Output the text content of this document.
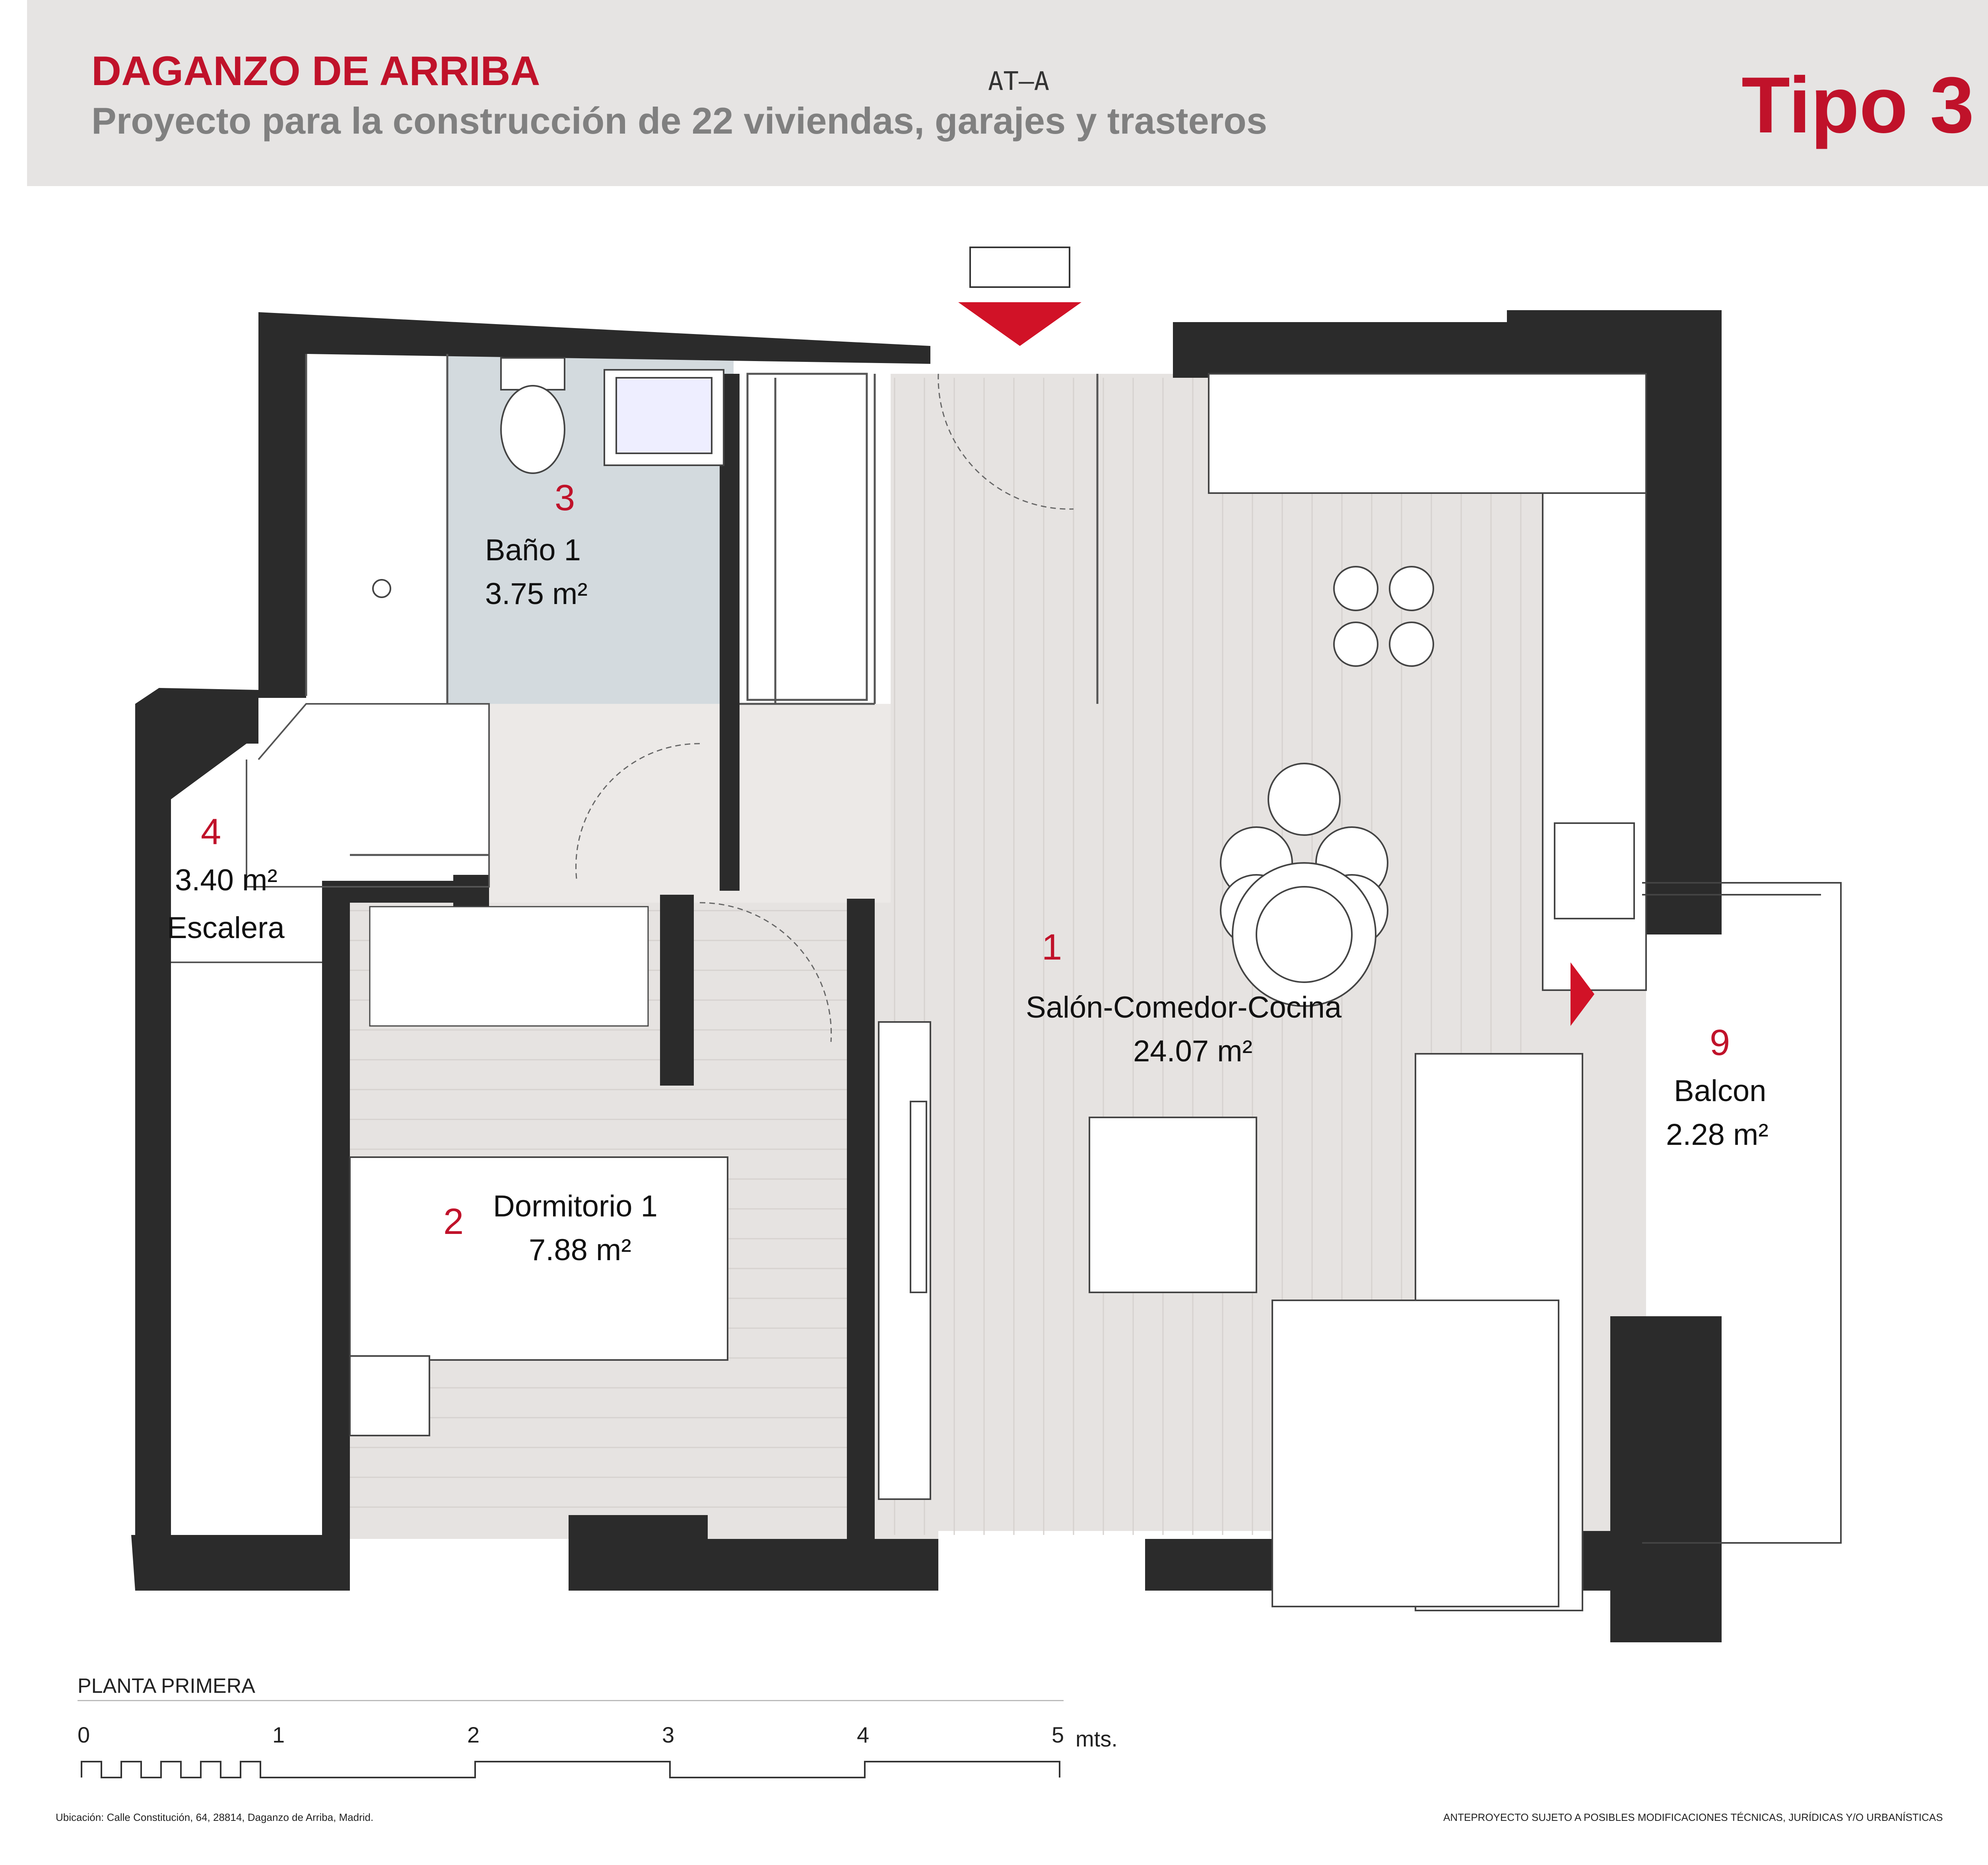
DAGANZO DE ARRIBA
Proyecto para la construcción de 22 viviendas, garajes y trasteros	Tipo 3
AT—A
3
Baño 1
3.75 m²
4
3.40 m²
Escalera	1
Salón-Comedor-Cocina
24.07 m²
2 Dormitorio 1
7.88 m²
9
Balcon
2.28 m²
PLANTA PRIMERA
0	1	2	3	4	5 mts.
Ubicación: Calle Constitución, 64, 28814, Daganzo de Arriba, Madrid.	ANTEPROYECTO SUJETO A POSIBLES MODIFICACIONES TÉCNICAS, JURÍDICAS Y/O URBANÍSTICAS
